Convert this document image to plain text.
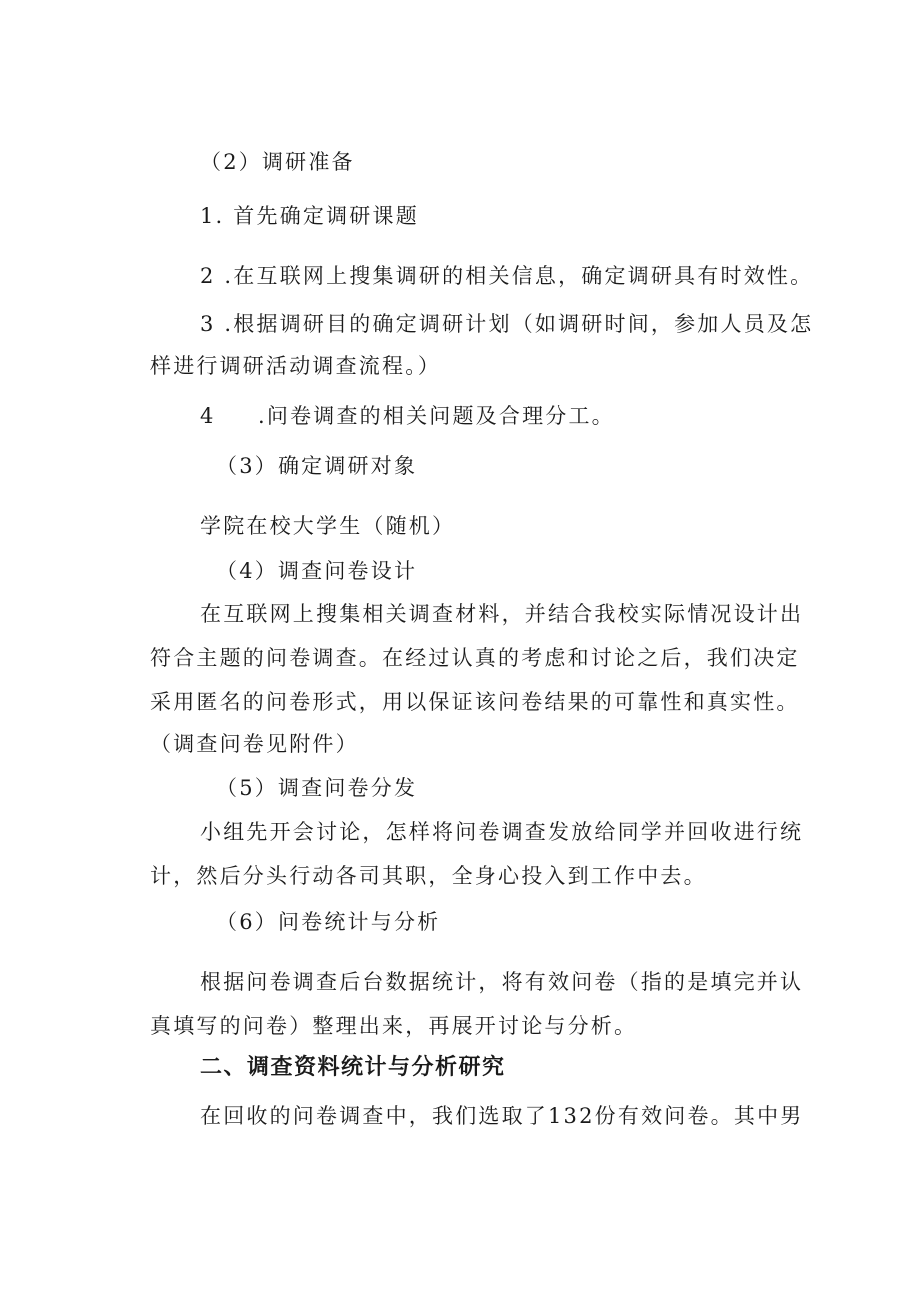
（2）调研准备
1. 首先确定调研课题
2 .在互联网上搜集调研的相关信息，确定调研具有时效性。
3 .根据调研目的确定调研计划（如调研时间，参加人员及怎
样进行调研活动调查流程。）
4 .问卷调查的相关问题及合理分工。
（3）确定调研对象
学院在校大学生（随机）
（4）调查问卷设计
在互联网上搜集相关调查材料，并结合我校实际情况设计出
符合主题的问卷调查。在经过认真的考虑和讨论之后，我们决定
采用匿名的问卷形式，用以保证该问卷结果的可靠性和真实性。
（调查问卷见附件）
（5）调查问卷分发
小组先开会讨论，怎样将问卷调查发放给同学并回收进行统
计，然后分头行动各司其职，全身心投入到工作中去。
（6）问卷统计与分析
根据问卷调查后台数据统计，将有效问卷（指的是填完并认
真填写的问卷）整理出来，再展开讨论与分析。
二、调查资料统计与分析研究
在回收的问卷调查中，我们选取了132份有效问卷。其中男
